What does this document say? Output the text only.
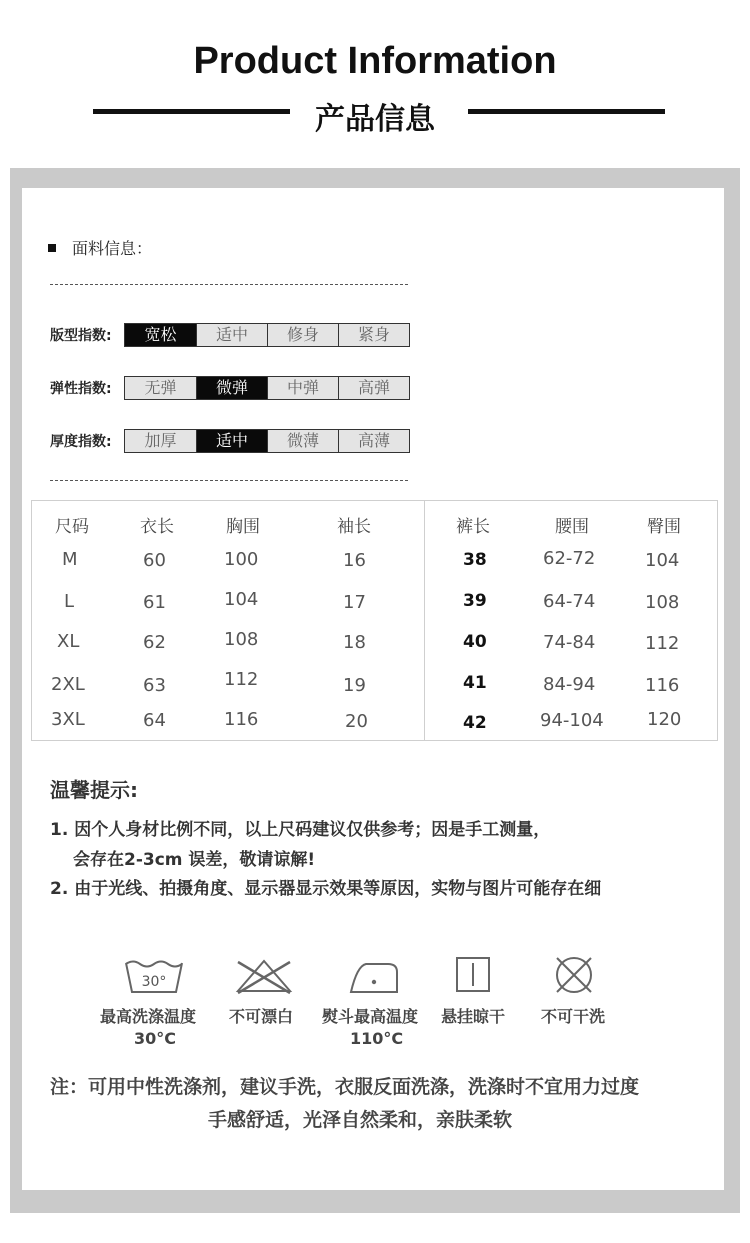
Product Information
产品信息
面料信息：
版型指数:	宽松	适中	修身	紧身
弹性指数:	无弹	微弹	中弹	高弹
厚度指数:	加厚	适中	微薄	高薄
尺码	衣长	胸围	袖长	裤长	腰围	臀围
M	60	100	16	38	62-72	104
L	61	104	17	39	64-74	108
XL	62	108	18	40	74-84	112
2XL	63	112	19	41	84-94	116
3XL	64	116	20	42	94-104 120
温馨提示:
1. 因个人身材比例不同，以上尺码建议仅供参考；因是手工测量，
会存在2-3cm 误差，敬请谅解!
2. 由于光线、拍摄角度、显示器显示效果等原因，实物与图片可能存在细
30°
最高洗涤温度
30°C
不可漂白 熨斗最高温度
110°C
悬挂晾干 不可干洗
注：可用中性洗涤剂，建议手洗，衣服反面洗涤，洗涤时不宜用力过度
手感舒适，光泽自然柔和，亲肤柔软
